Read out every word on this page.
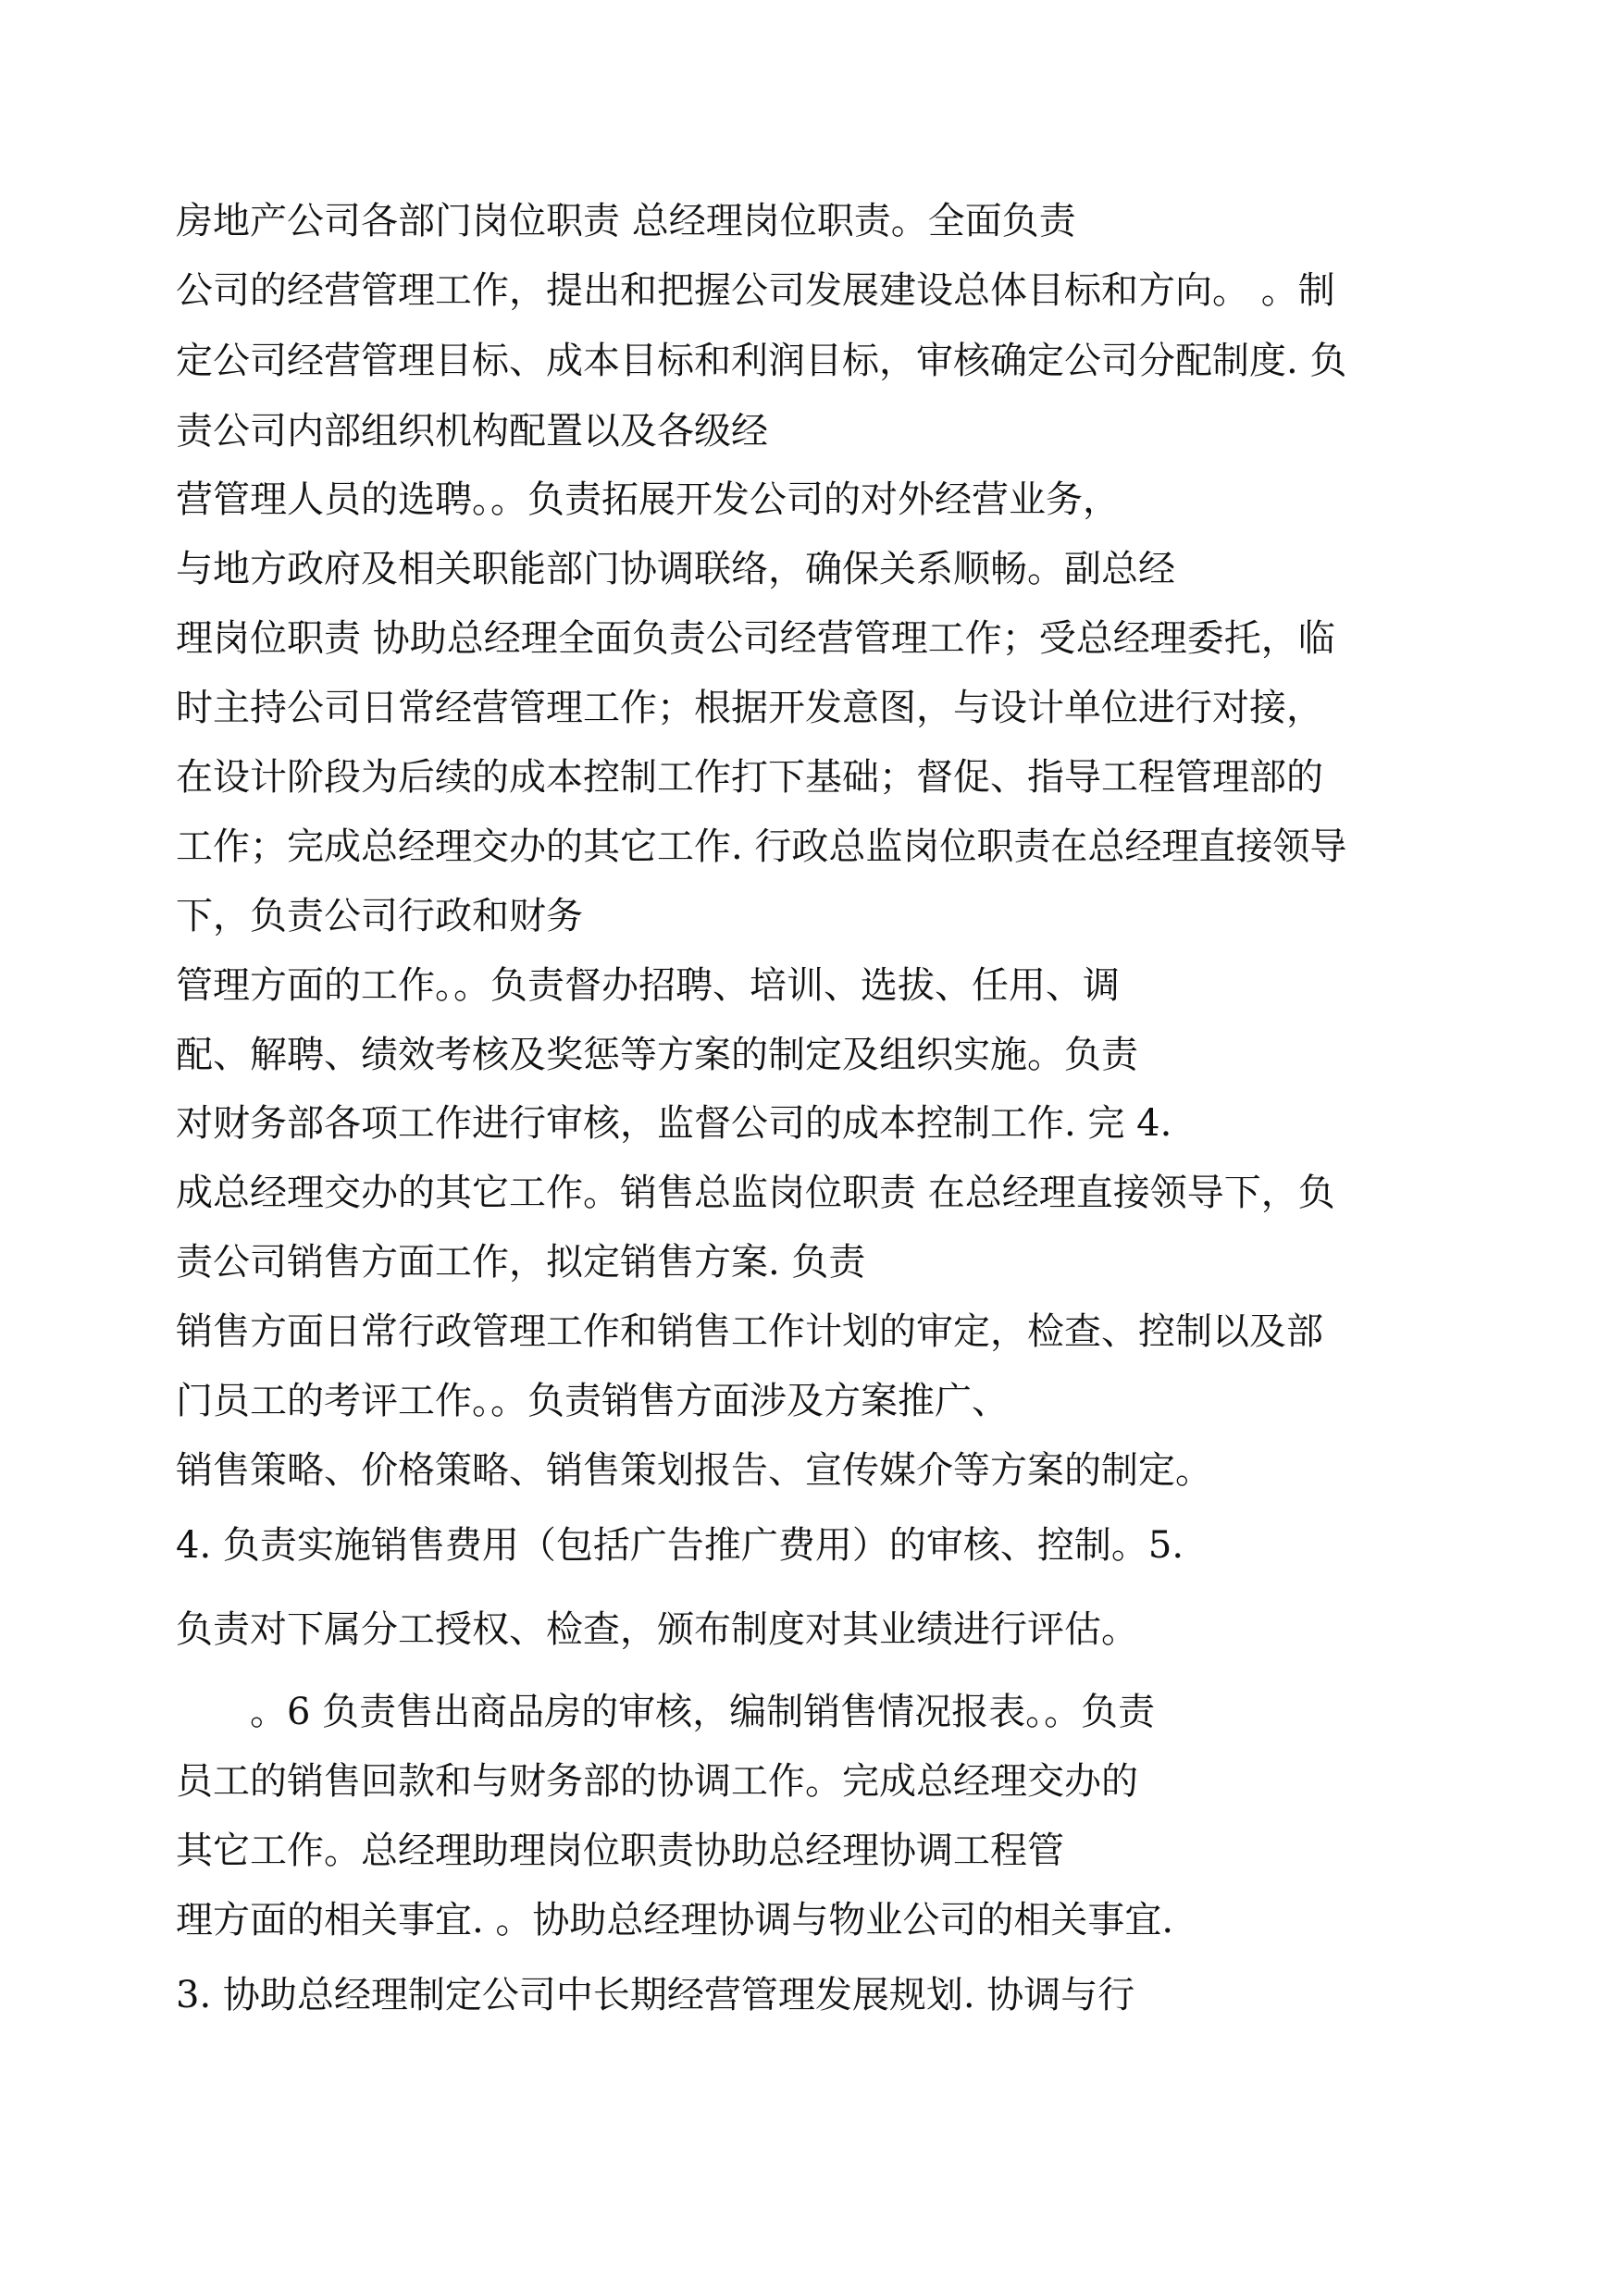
房地产公司各部门岗位职责 总经理岗位职责。全面负责
公司的经营管理工作，提出和把握公司发展建设总体目标和方向。 。制
定公司经营管理目标、成本目标和利润目标，审核确定公司分配制度. 负
责公司内部组织机构配置以及各级经
营管理人员的选聘。。负责拓展开发公司的对外经营业务，
与地方政府及相关职能部门协调联络，确保关系顺畅。副总经
理岗位职责 协助总经理全面负责公司经营管理工作；受总经理委托，临
时主持公司日常经营管理工作；根据开发意图，与设计单位进行对接，
在设计阶段为后续的成本控制工作打下基础；督促、指导工程管理部的
工作；完成总经理交办的其它工作. 行政总监岗位职责在总经理直接领导
下，负责公司行政和财务
管理方面的工作。。负责督办招聘、培训、选拔、任用、调
配、解聘、绩效考核及奖惩等方案的制定及组织实施。负责
对财务部各项工作进行审核，监督公司的成本控制工作. 完 4.
成总经理交办的其它工作。销售总监岗位职责 在总经理直接领导下，负
责公司销售方面工作，拟定销售方案. 负责
销售方面日常行政管理工作和销售工作计划的审定，检查、控制以及部
门员工的考评工作。。负责销售方面涉及方案推广、
销售策略、价格策略、销售策划报告、宣传媒介等方案的制定。
4. 负责实施销售费用（包括广告推广费用）的审核、控制。5.
负责对下属分工授权、检查，颁布制度对其业绩进行评估。
。6 负责售出商品房的审核，编制销售情况报表。。负责
员工的销售回款和与财务部的协调工作。完成总经理交办的
其它工作。总经理助理岗位职责协助总经理协调工程管
理方面的相关事宜. 。协助总经理协调与物业公司的相关事宜.
3. 协助总经理制定公司中长期经营管理发展规划. 协调与行
